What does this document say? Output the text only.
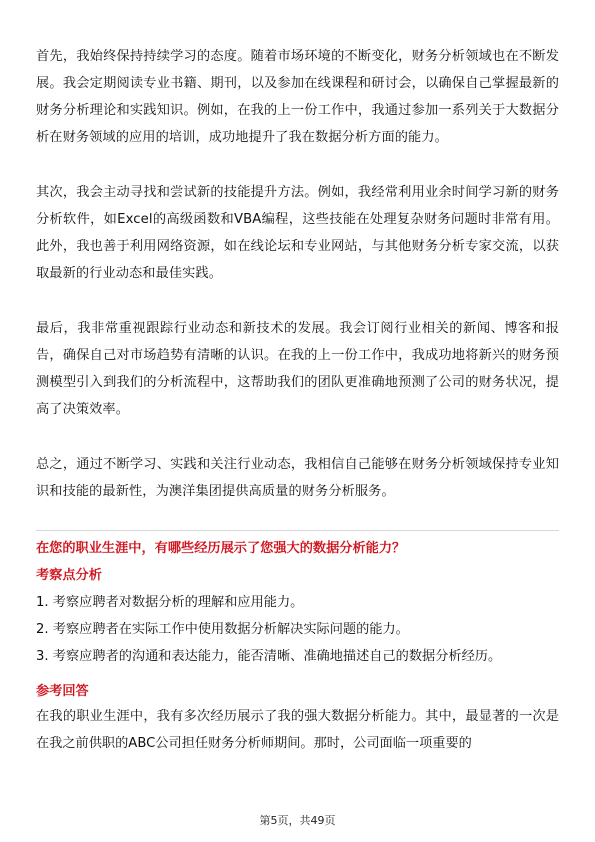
首先，我始终保持持续学习的态度。随着市场环境的不断变化，财务分析领域也在不断发展。我会定期阅读专业书籍、期刊，以及参加在线课程和研讨会，以确保自己掌握最新的财务分析理论和实践知识。例如，在我的上一份工作中，我通过参加一系列关于大数据分析在财务领域的应用的培训，成功地提升了我在数据分析方面的能力。

其次，我会主动寻找和尝试新的技能提升方法。例如，我经常利用业余时间学习新的财务分析软件，如Excel的高级函数和VBA编程，这些技能在处理复杂财务问题时非常有用。此外，我也善于利用网络资源，如在线论坛和专业网站，与其他财务分析专家交流，以获取最新的行业动态和最佳实践。

最后，我非常重视跟踪行业动态和新技术的发展。我会订阅行业相关的新闻、博客和报告，确保自己对市场趋势有清晰的认识。在我的上一份工作中，我成功地将新兴的财务预测模型引入到我们的分析流程中，这帮助我们的团队更准确地预测了公司的财务状况，提高了决策效率。

总之，通过不断学习、实践和关注行业动态，我相信自己能够在财务分析领域保持专业知识和技能的最新性，为澳洋集团提供高质量的财务分析服务。

在您的职业生涯中，有哪些经历展示了您强大的数据分析能力？
考察点分析
1. 考察应聘者对数据分析的理解和应用能力。
2. 考察应聘者在实际工作中使用数据分析解决实际问题的能力。
3. 考察应聘者的沟通和表达能力，能否清晰、准确地描述自己的数据分析经历。
参考回答

在我的职业生涯中，我有多次经历展示了我的强大数据分析能力。其中，最显著的一次是在我之前供职的ABC公司担任财务分析师期间。那时，公司面临一项重要的

第5页，共49页
